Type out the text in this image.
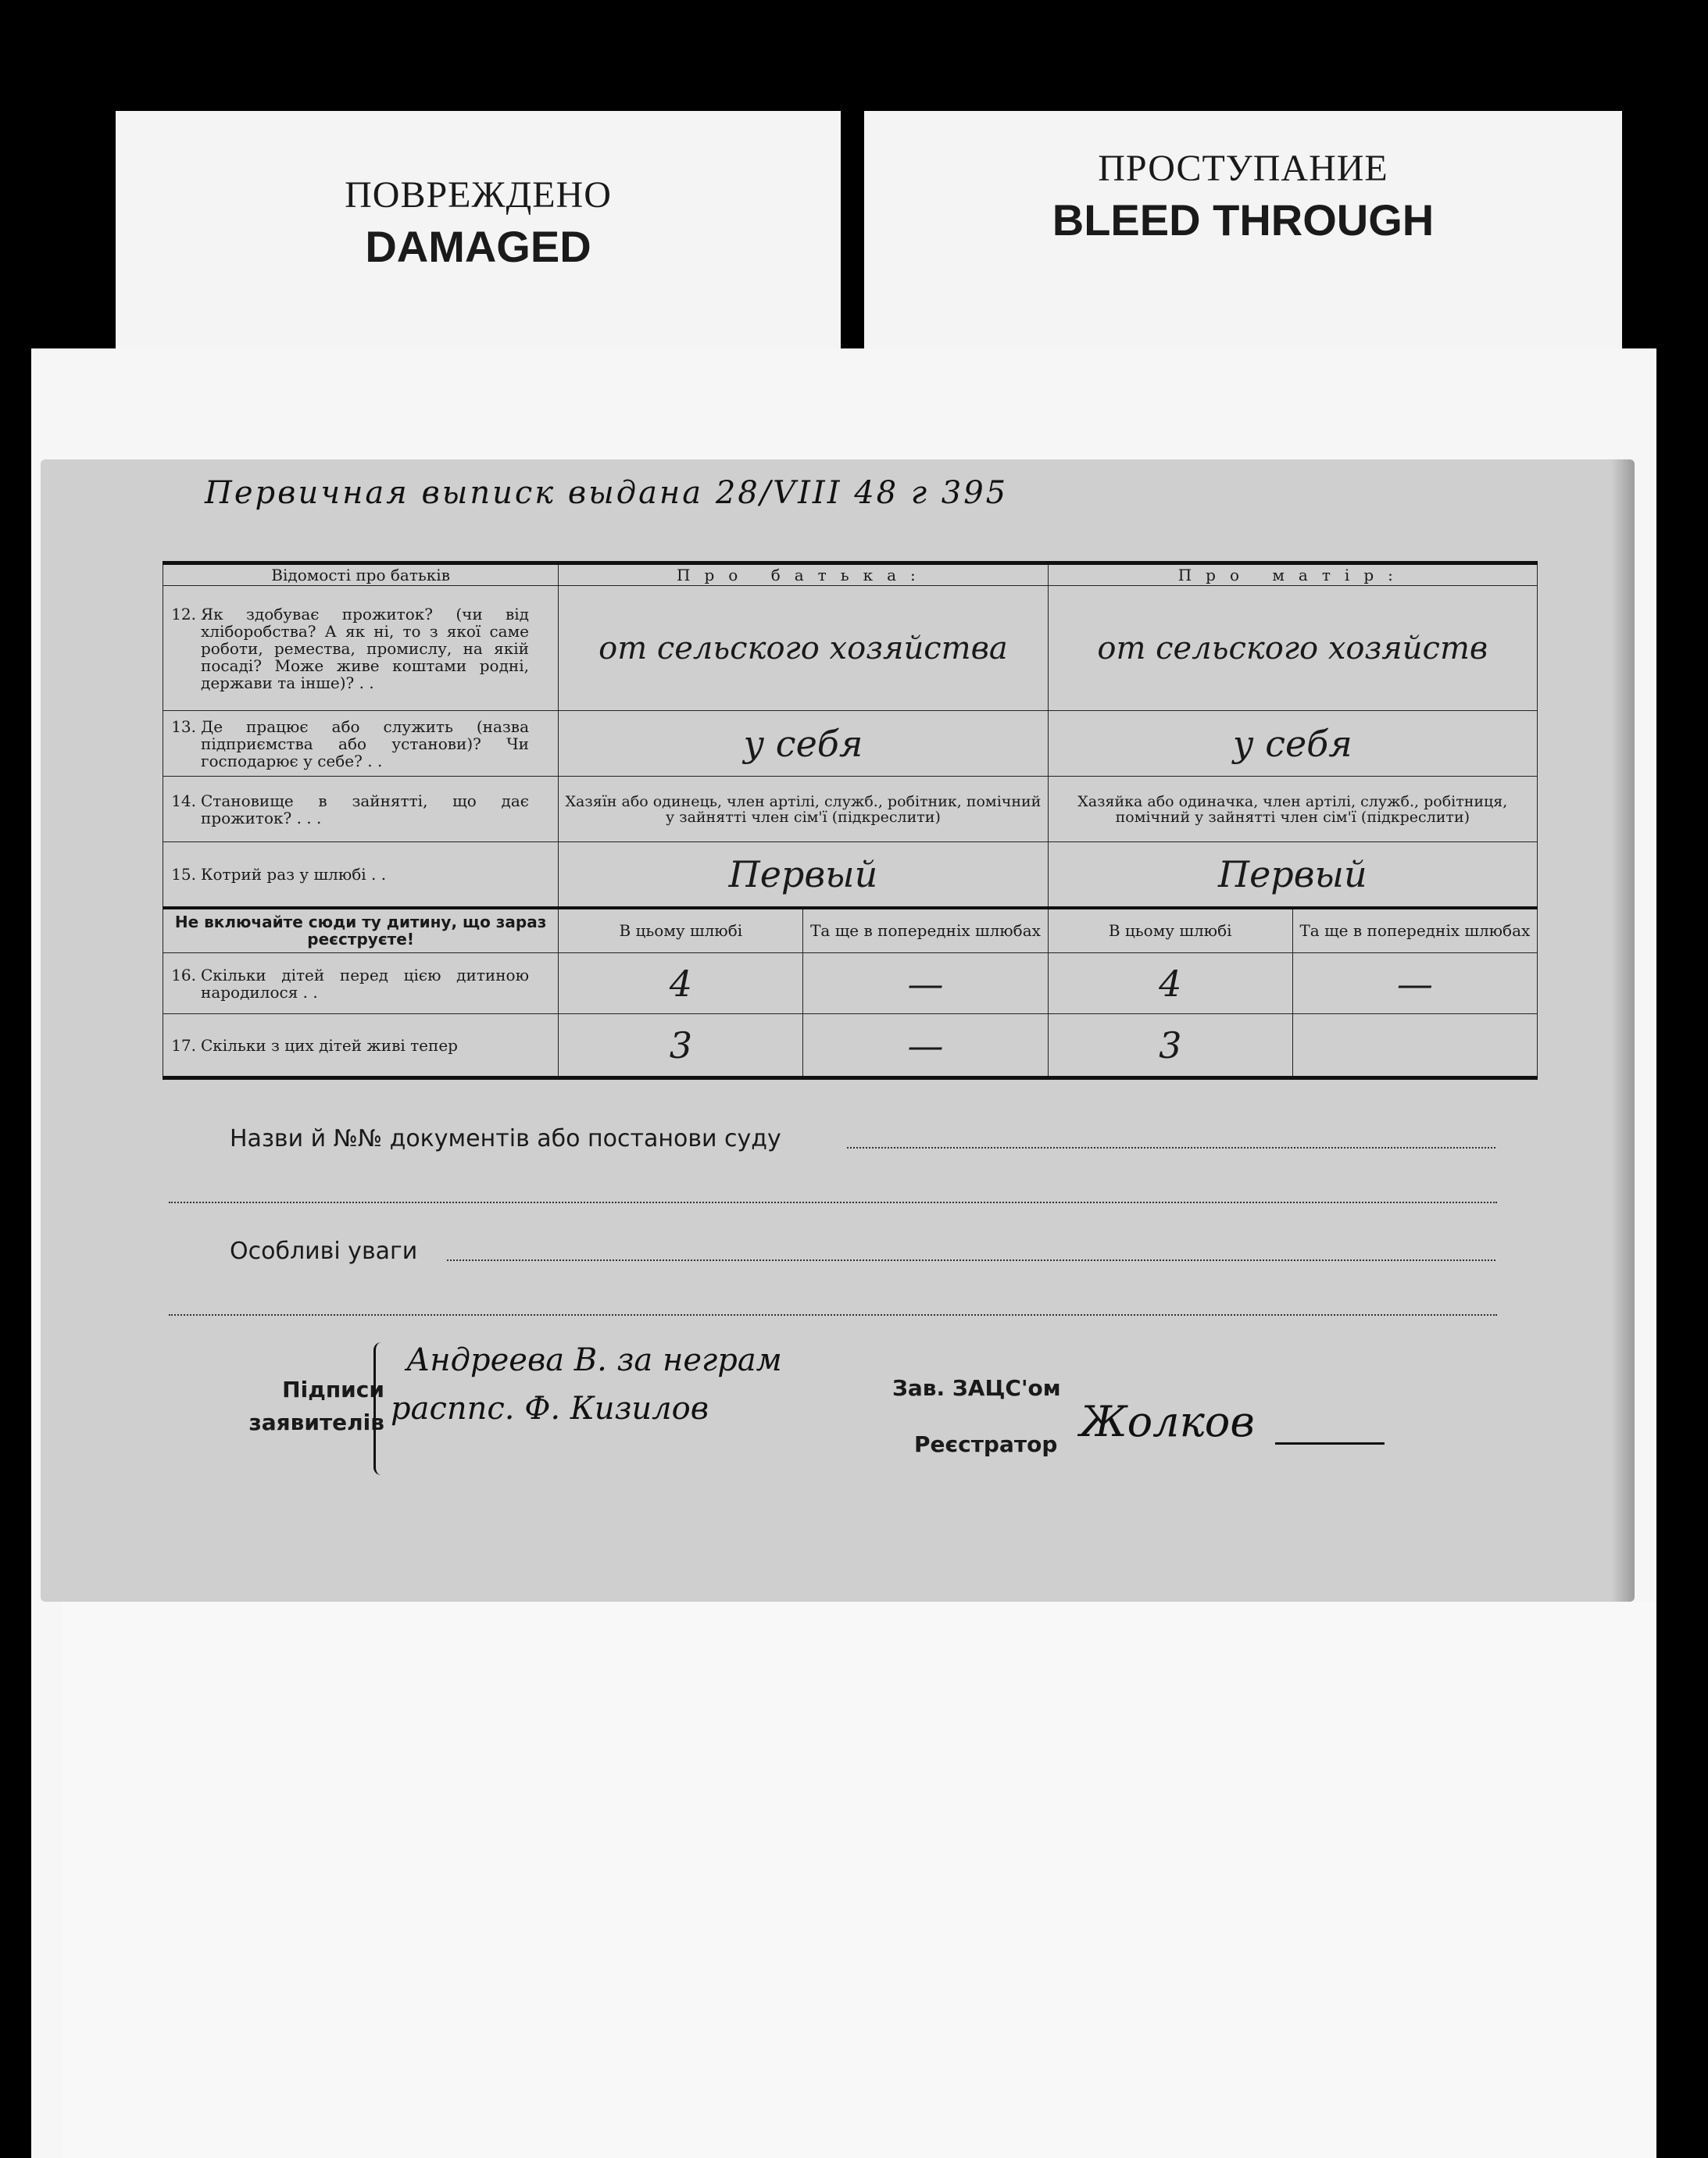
ПОВРЕЖДЕНО
DAMAGED
ПРОСТУПАНИЕ
BLEED THROUGH
Первичная выписк выдана 28/VIII 48 г 395
Відомості про батьків	Про батька:		Про матір:	
12. Як здобуває прожиток? (чи від хліборобства? А як ні, то з якої саме роботи, ремества, промислу, на якій посаді? Може живе коштами родні, держави та інше)? . .	от сельского хозяйства		от сельского хозяйств	
13. Де працює або служить (назва підприємства або установи)? Чи господарює у себе? . .	у себя		у себя	
14. Становище в зайнятті, що дає прожиток? . . .	Хазяїн або одинець, член артілі, служб., робітник, помічний у зайнятті член сім'ї (підкреслити)		Хазяйка або одиначка, член артілі, служб., робітниця, помічний у зайнятті член сім'ї (підкреслити)	
15. Котрий раз у шлюбі . .	Первый		Первый	
Не включайте сюди ту дитину, що зараз реєструєте!	В цьому шлюбі	Та ще в попередніх шлюбах	В цьому шлюбі	Та ще в попередніх шлюбах
16. Скільки дітей перед цією дитиною народилося . .	4	—	4	—
17. Скільки з цих дітей живі тепер	3	—	3	
Назви й №№ документів або постанови суду
Особливі уваги
Підписи
заявителів
Андреева В. за неграм
расппс. Ф. Кизилов
Зав. ЗАЦС'ом
Реєстратор Жолков
